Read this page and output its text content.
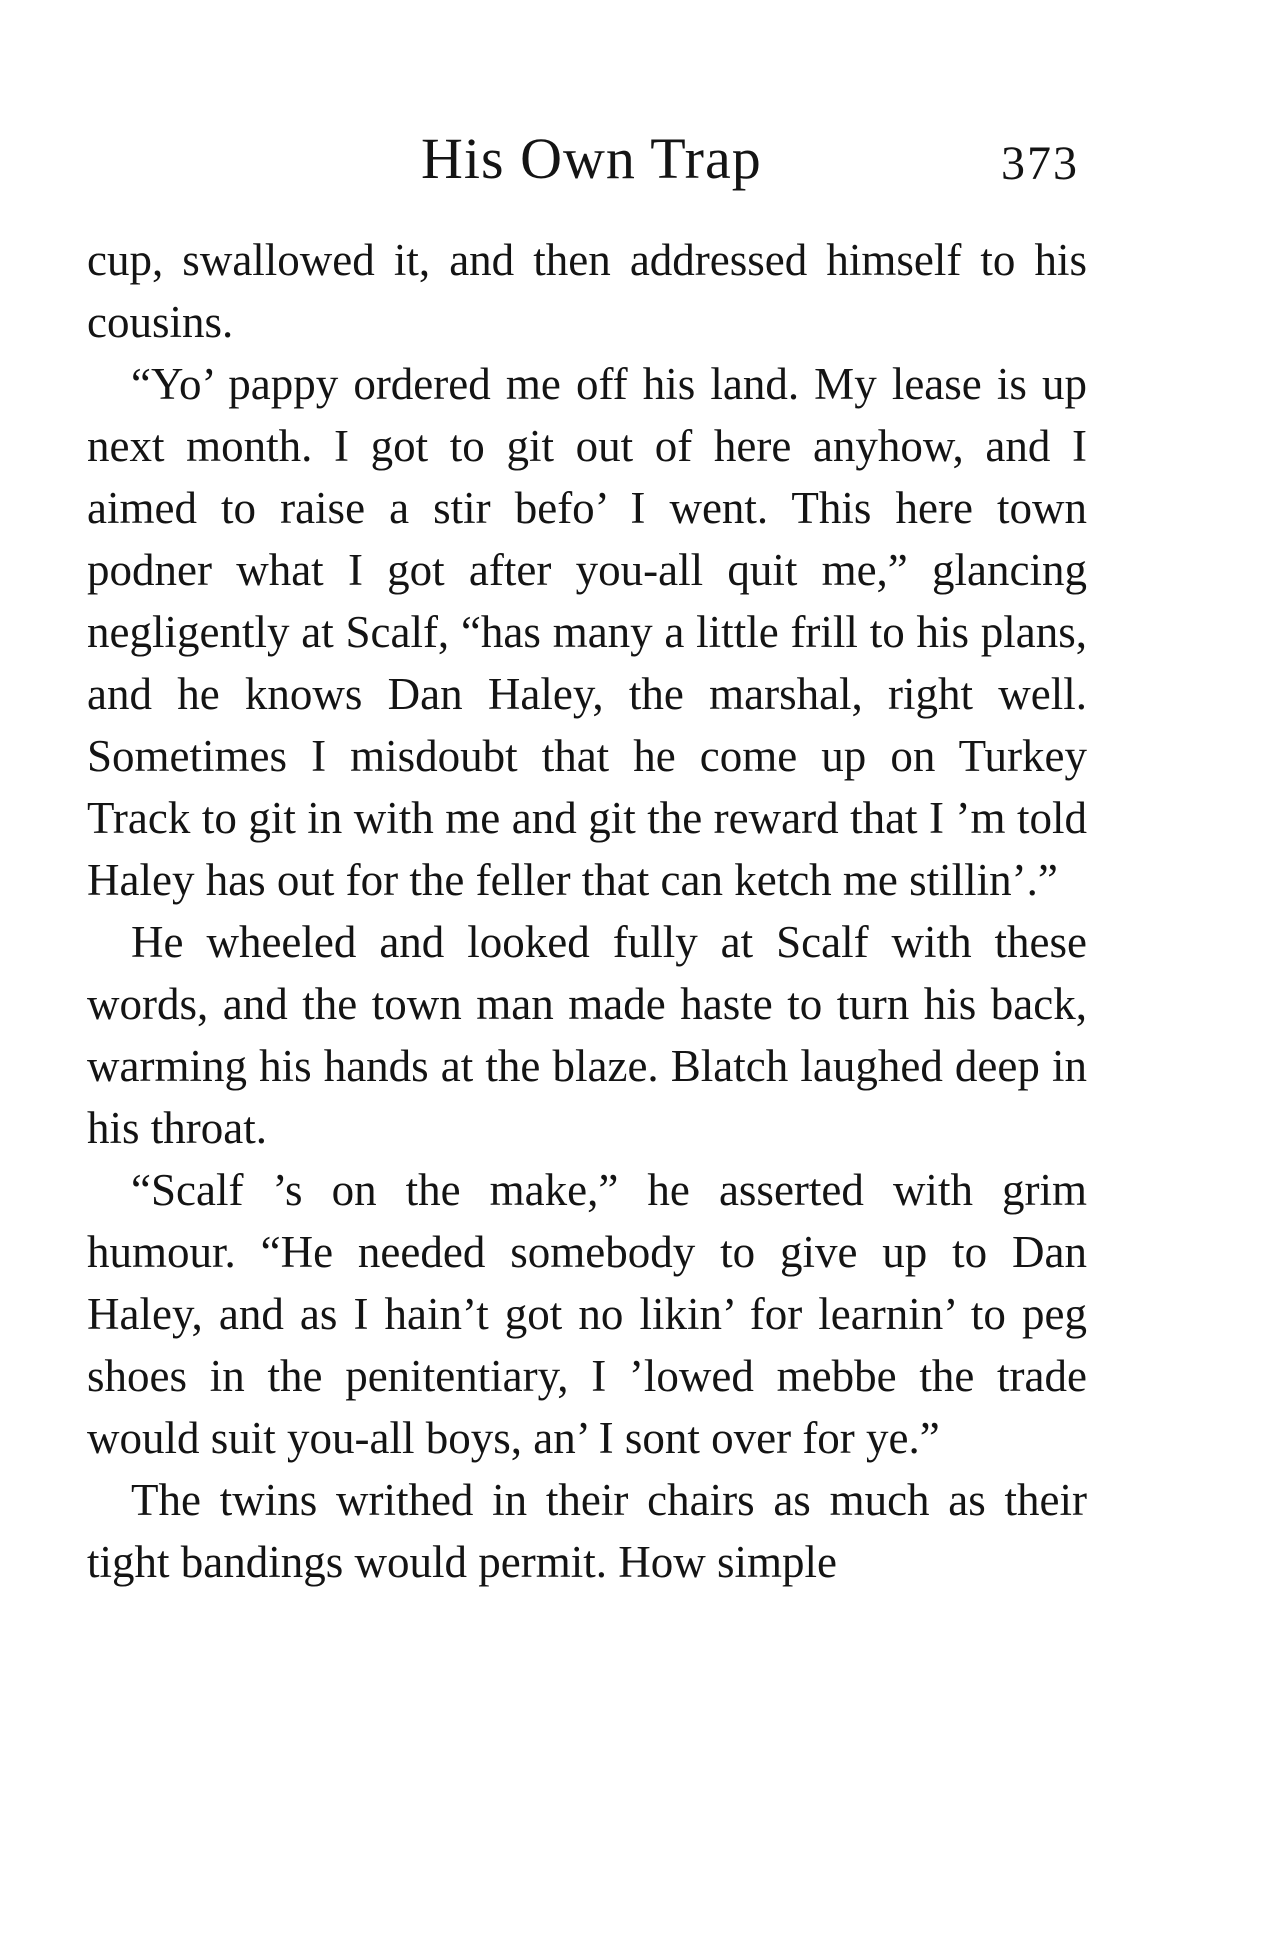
His Own Trap	373

cup, swallowed it, and then addressed himself to his cousins.

“Yo’ pappy ordered me off his land. My lease is up next month. I got to git out of here anyhow, and I aimed to raise a stir befo’ I went. This here town podner what I got after you-all quit me,” glancing negligently at Scalf, “has many a little frill to his plans, and he knows Dan Haley, the marshal, right well. Sometimes I misdoubt that he come up on Turkey Track to git in with me and git the reward that I ’m told Haley has out for the feller that can ketch me stillin’.”

He wheeled and looked fully at Scalf with these words, and the town man made haste to turn his back, warming his hands at the blaze. Blatch laughed deep in his throat.

“Scalf ’s on the make,” he asserted with grim humour. “He needed somebody to give up to Dan Haley, and as I hain’t got no likin’ for learnin’ to peg shoes in the penitentiary, I ’lowed mebbe the trade would suit you-all boys, an’ I sont over for ye.”

The twins writhed in their chairs as much as their tight bandings would permit. How simple
